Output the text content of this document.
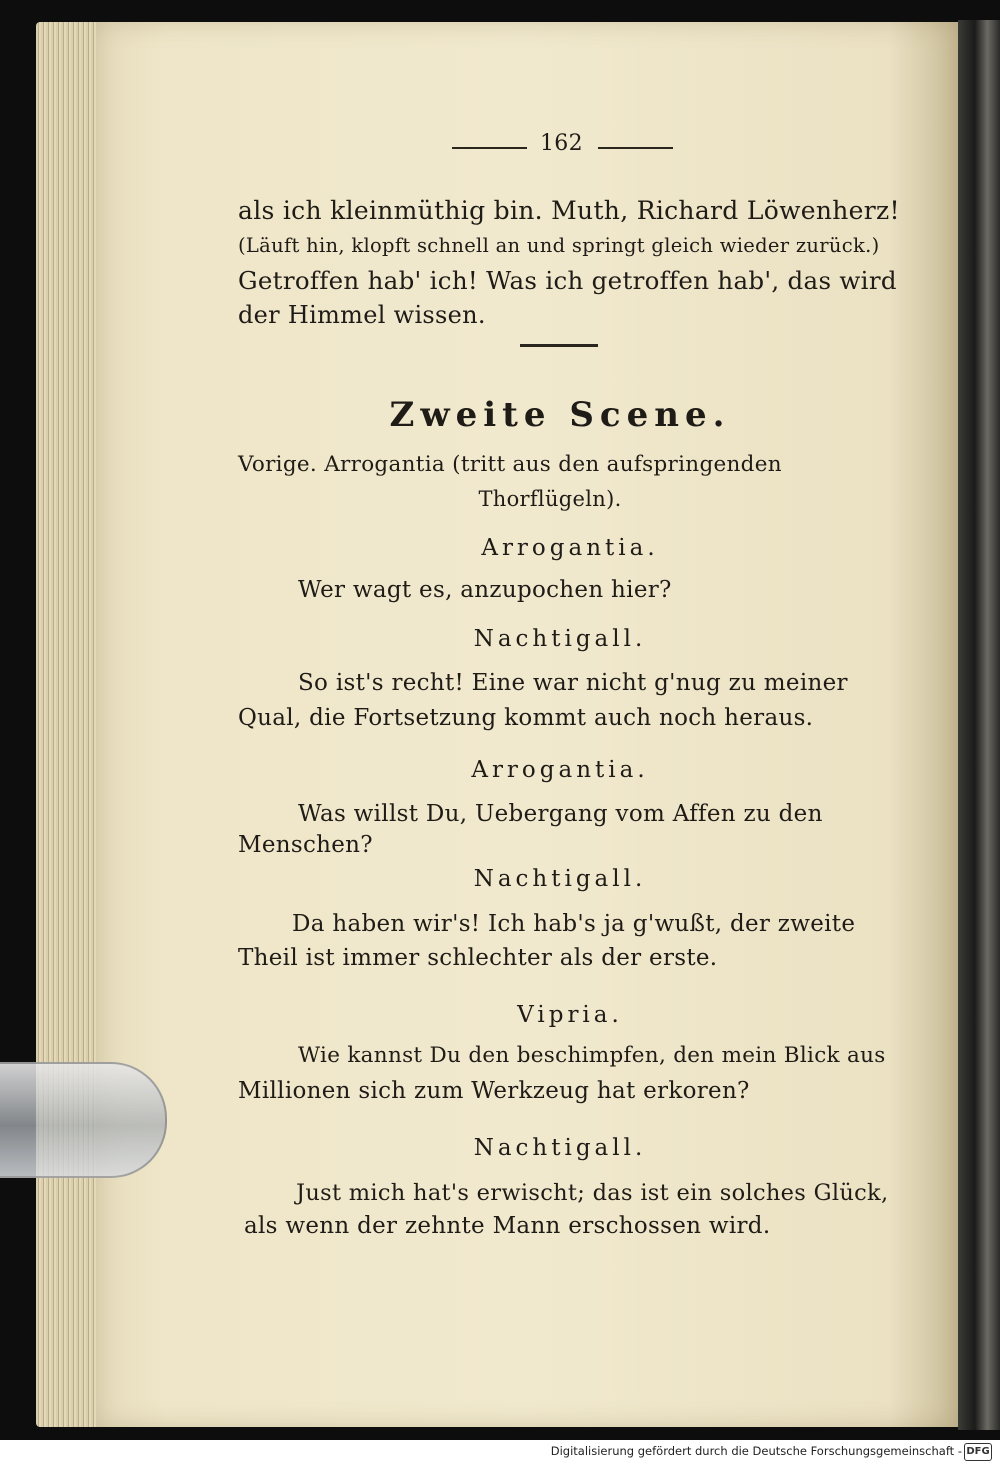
162
als ich kleinmüthig bin. Muth, Richard Löwenherz!
(Läuft hin, klopft schnell an und springt gleich wieder zurück.)
Getroffen hab' ich! Was ich getroffen hab', das wird
der Himmel wissen.
Zweite Scene.
Vorige. Arrogantia (tritt aus den aufspringenden
Thorflügeln).
Arrogantia.
Wer wagt es, anzupochen hier?
Nachtigall.
So ist's recht! Eine war nicht g'nug zu meiner
Qual, die Fortsetzung kommt auch noch heraus.
Arrogantia.
Was willst Du, Uebergang vom Affen zu den
Menschen?
Nachtigall.
Da haben wir's! Ich hab's ja g'wußt, der zweite
Theil ist immer schlechter als der erste.
Vipria.
Wie kannst Du den beschimpfen, den mein Blick aus
Millionen sich zum Werkzeug hat erkoren?
Nachtigall.
Just mich hat's erwischt; das ist ein solches Glück,
als wenn der zehnte Mann erschossen wird.
Digitalisierung gefördert durch die Deutsche Forschungsgemeinschaft - DFG
